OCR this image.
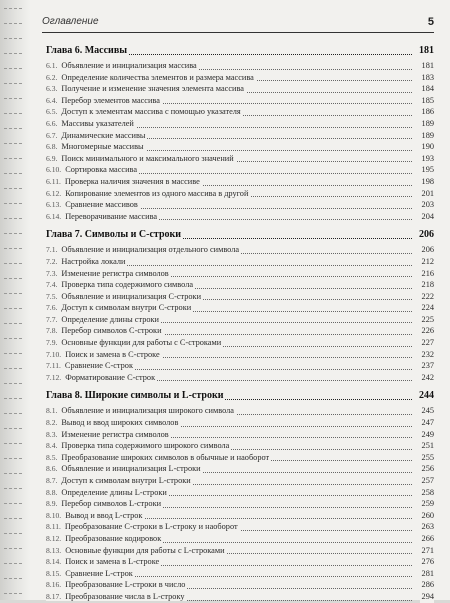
Оглавление	5
Глава 6. Массивы	181
6.1. Объявление и инициализация массива	181
6.2. Определение количества элементов и размера массива	183
6.3. Получение и изменение значения элемента массива	184
6.4. Перебор элементов массива	185
6.5. Доступ к элементам массива с помощью указателя	186
6.6. Массивы указателей	189
6.7. Динамические массивы	189
6.8. Многомерные массивы	190
6.9. Поиск минимального и максимального значений	193
6.10. Сортировка массива	195
6.11. Проверка наличия значения в массиве	198
6.12. Копирование элементов из одного массива в другой	201
6.13. Сравнение массивов	203
6.14. Переворачивание массива	204
Глава 7. Символы и С-строки	206
7.1. Объявление и инициализация отдельного символа	206
7.2. Настройка локали	212
7.3. Изменение регистра символов	216
7.4. Проверка типа содержимого символа	218
7.5. Объявление и инициализация С-строки	222
7.6. Доступ к символам внутри С-строки	224
7.7. Определение длины строки	225
7.8. Перебор символов С-строки	226
7.9. Основные функции для работы с С-строками	227
7.10. Поиск и замена в С-строке	232
7.11. Сравнение С-строк	237
7.12. Форматирование С-строк	242
Глава 8. Широкие символы и L-строки	244
8.1. Объявление и инициализация широкого символа	245
8.2. Вывод и ввод широких символов	247
8.3. Изменение регистра символов	249
8.4. Проверка типа содержимого широкого символа	251
8.5. Преобразование широких символов в обычные и наоборот	255
8.6. Объявление и инициализация L-строки	256
8.7. Доступ к символам внутри L-строки	257
8.8. Определение длины L-строки	258
8.9. Перебор символов L-строки	259
8.10. Вывод и ввод L-строк	260
8.11. Преобразование С-строки в L-строку и наоборот	263
8.12. Преобразование кодировок	266
8.13. Основные функции для работы с L-строками	271
8.14. Поиск и замена в L-строке	276
8.15. Сравнение L-строк	281
8.16. Преобразование L-строки в число	286
8.17. Преобразование числа в L-строку	294
